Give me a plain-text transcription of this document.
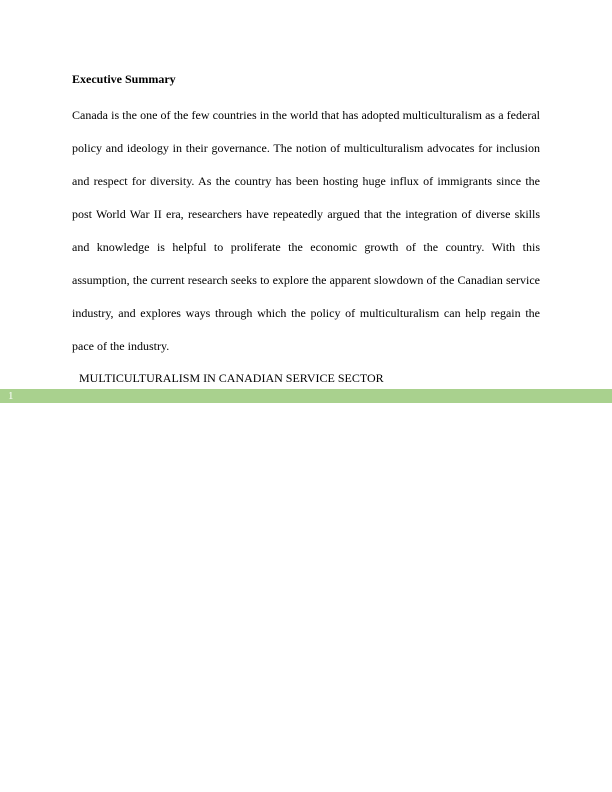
Executive Summary

Canada is the one of the few countries in the world that has adopted multiculturalism as a federal policy and ideology in their governance. The notion of multiculturalism advocates for inclusion and respect for diversity. As the country has been hosting huge influx of immigrants since the post World War II era, researchers have repeatedly argued that the integration of diverse skills and knowledge is helpful to proliferate the economic growth of the country. With this assumption, the current research seeks to explore the apparent slowdown of the Canadian service industry, and explores ways through which the policy of multiculturalism can help regain the pace of the industry.

MULTICULTURALISM IN CANADIAN SERVICE SECTOR
1
